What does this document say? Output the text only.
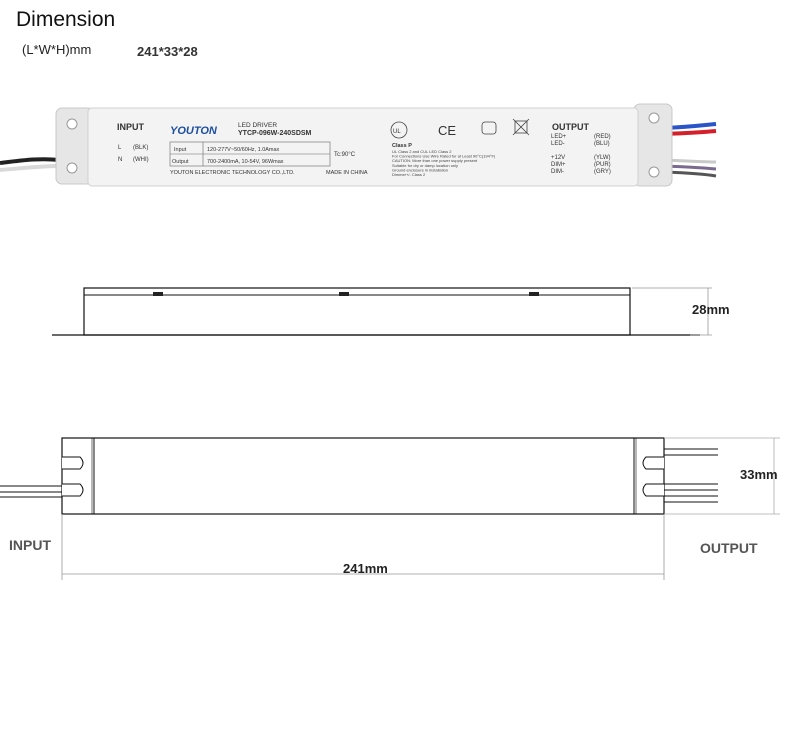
Dimension
(L*W*H)mm	241*33*28
INPUT
L (BLK)
N (WHI)
YOUTON	LED DRIVER
YTCP-096W-240SDSM
Input	120-277V~50/60Hz, 1.0Amax
Output	700-2400mA, 10-54V, 96Wmax
Tc:90°C
YOUTON ELECTRONIC TECHNOLOGY CO.,LTD.	MADE IN CHINA
UL	CE
Class P
UL Class 2 and CUL LED Class 2
For Connections Use Wire Rated for at Least 90°C(194°F)
CAUTION: More than one power supply present
Suitable for dry or damp location only
Ground enclosure in installation
Dimmer+/- Class 2
OUTPUT
LED+	(RED)
LED-	(BLU)
+12V	(YLW)
DIM+	(PUR)
DIM-	(GRY)
28mm
33mm
241mm
INPUT	OUTPUT
